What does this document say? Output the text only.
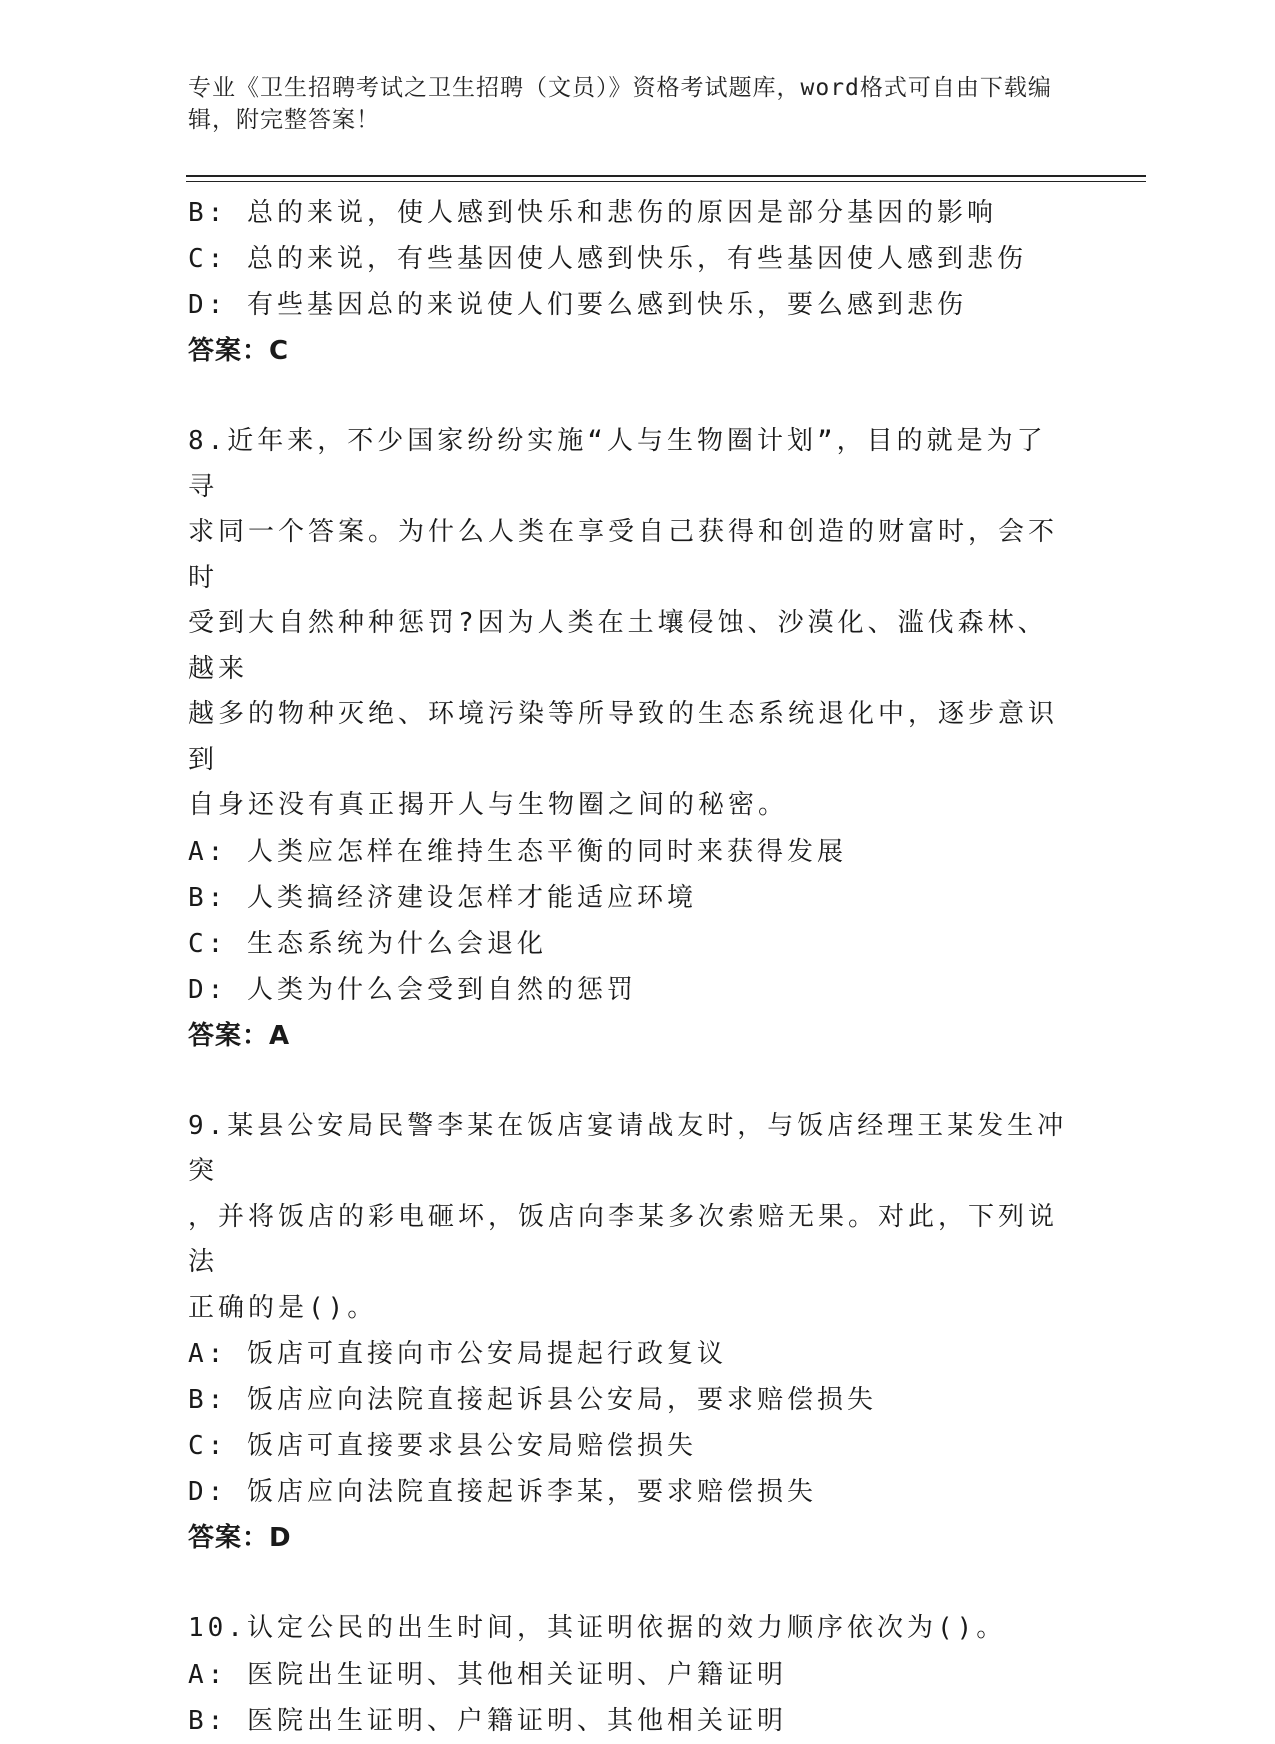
专业《卫生招聘考试之卫生招聘（文员）》资格考试题库，word格式可自由下载编辑，附完整答案！
B: 总的来说，使人感到快乐和悲伤的原因是部分基因的影响
C: 总的来说，有些基因使人感到快乐，有些基因使人感到悲伤
D: 有些基因总的来说使人们要么感到快乐，要么感到悲伤
答案：C
8.近年来，不少国家纷纷实施“人与生物圈计划”，目的就是为了寻
求同一个答案。为什么人类在享受自己获得和创造的财富时，会不时
受到大自然种种惩罚?因为人类在土壤侵蚀、沙漠化、滥伐森林、越来
越多的物种灭绝、环境污染等所导致的生态系统退化中，逐步意识到
自身还没有真正揭开人与生物圈之间的秘密。
A: 人类应怎样在维持生态平衡的同时来获得发展
B: 人类搞经济建设怎样才能适应环境
C: 生态系统为什么会退化
D: 人类为什么会受到自然的惩罚
答案：A
9.某县公安局民警李某在饭店宴请战友时，与饭店经理王某发生冲突
，并将饭店的彩电砸坏，饭店向李某多次索赔无果。对此，下列说法
正确的是()。
A: 饭店可直接向市公安局提起行政复议
B: 饭店应向法院直接起诉县公安局，要求赔偿损失
C: 饭店可直接要求县公安局赔偿损失
D: 饭店应向法院直接起诉李某，要求赔偿损失
答案：D
10.认定公民的出生时间，其证明依据的效力顺序依次为()。
A: 医院出生证明、其他相关证明、户籍证明
B: 医院出生证明、户籍证明、其他相关证明
